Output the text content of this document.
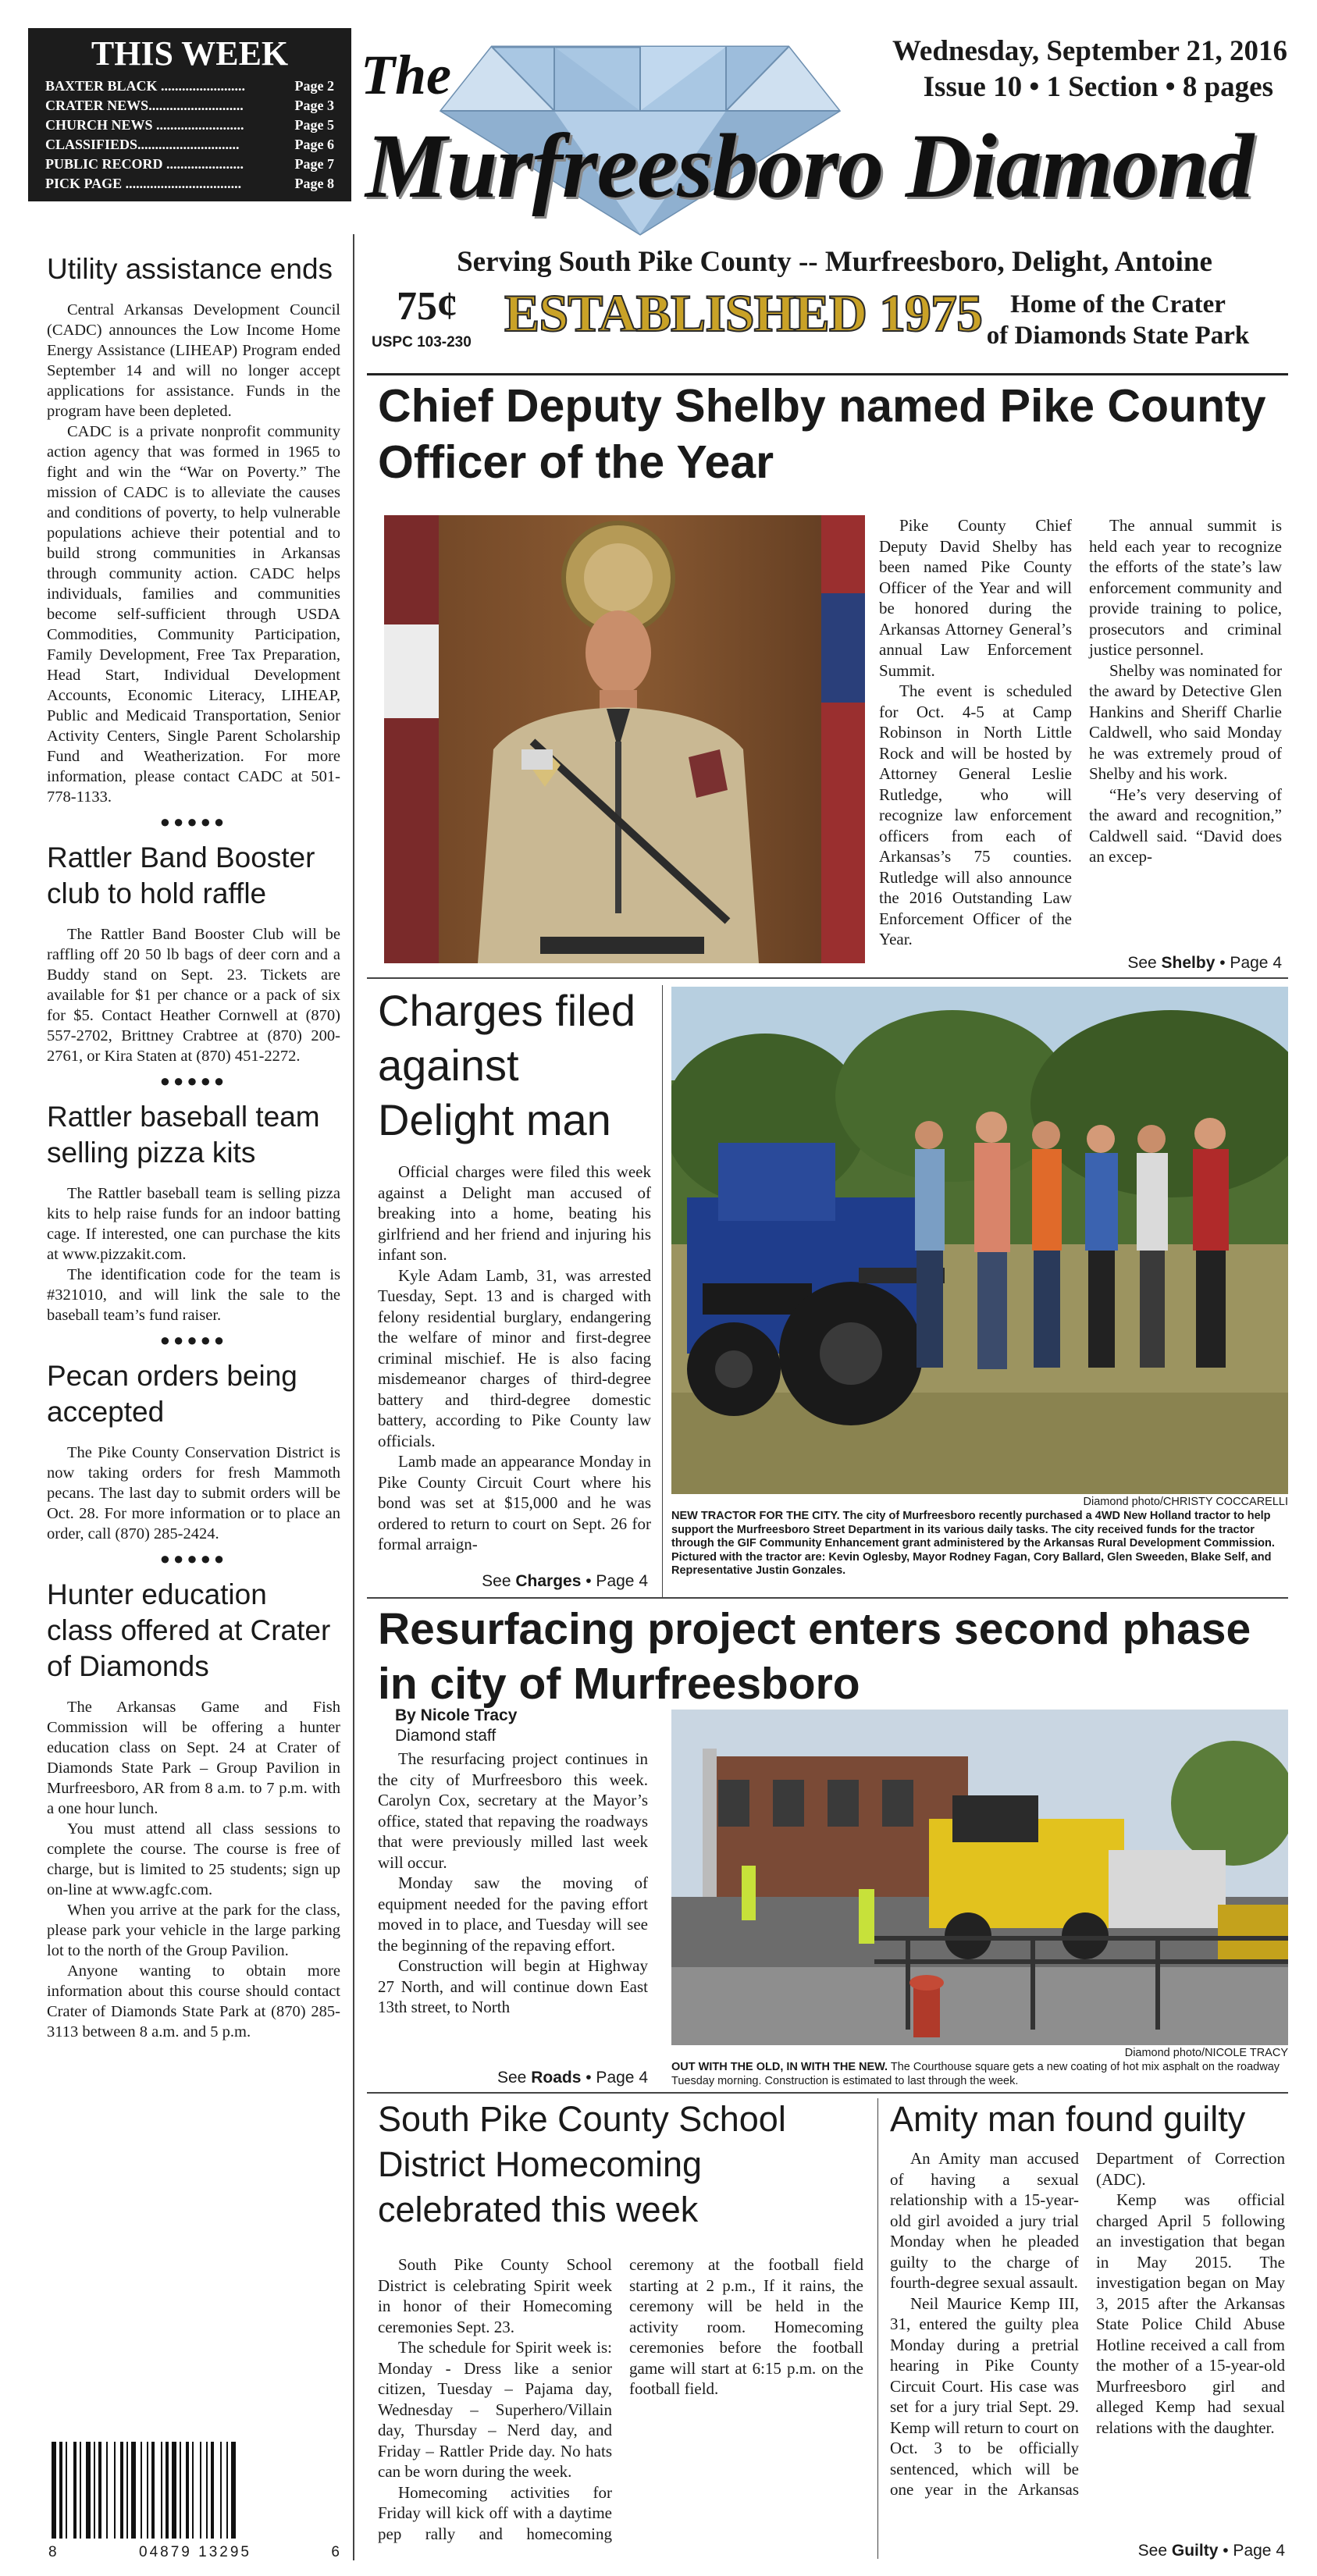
THIS WEEK
BAXTER BLACK ........................	Page 2
CRATER NEWS...........................	Page 3
CHURCH NEWS .........................	Page 5
CLASSIFIEDS.............................	Page 6
PUBLIC RECORD ......................	Page 7
PICK PAGE .................................	Page 8
The
Murfreesboro Diamond
Wednesday, September 21, 2016
Issue 10 • 1 Section • 8 pages
Serving South Pike County -- Murfreesboro, Delight, Antoine
75¢
USPC 103-230 ESTABLISHED 1975	Home of the Crater
of Diamonds State Park
Utility assistance ends

Central Arkansas Development Council (CADC) announces the Low Income Home Energy Assistance (LIHEAP) Program ended September 14 and will no longer accept applications for assistance. Funds in the program have been depleted.

CADC is a private nonprofit community action agency that was formed in 1965 to fight and win the “War on Poverty.” The mission of CADC is to alleviate the causes and conditions of poverty, to help vulnerable populations achieve their potential and to build strong communities in Arkansas through community action. CADC helps individuals, families and communities become self-sufficient through USDA Commodities, Community Participation, Family Development, Free Tax Preparation, Head Start, Individual Development Accounts, Economic Literacy, LIHEAP, Public and Medicaid Transportation, Senior Activity Centers, Single Parent Scholarship Fund and Weatherization. For more information, please contact CADC at 501-778-1133.

●●●●●
Rattler Band Booster club to hold raffle

The Rattler Band Booster Club will be raffling off 20 50 lb bags of deer corn and a Buddy stand on Sept. 23. Tickets are available for $1 per chance or a pack of six for $5. Contact Heather Cornwell at (870) 557-2702, Brittney Crabtree at (870) 200-2761, or Kira Staten at (870) 451-2272.

●●●●●
Rattler baseball team selling pizza kits

The Rattler baseball team is selling pizza kits to help raise funds for an indoor batting cage. If interested, one can purchase the kits at www.pizzakit.com.

The identification code for the team is #321010, and will link the sale to the baseball team’s fund raiser.

●●●●●
Pecan orders being accepted

The Pike County Conservation District is now taking orders for fresh Mammoth pecans. The last day to submit orders will be Oct. 28. For more information or to place an order, call (870) 285-2424.

●●●●●
Hunter education class offered at Crater of Diamonds

The Arkansas Game and Fish Commission will be offering a hunter education class on Sept. 24 at Crater of Diamonds State Park – Group Pavilion in Murfreesboro, AR from 8 a.m. to 7 p.m. with a one hour lunch.

You must attend all class sessions to complete the course. The course is free of charge, but is limited to 25 students; sign up on-line at www.agfc.com.

When you arrive at the park for the class, please park your vehicle in the large parking lot to the north of the Group Pavilion.

Anyone wanting to obtain more information about this course should contact Crater of Diamonds State Park at (870) 285-3113 between 8 a.m. and 5 p.m.

8	04879 13295	6
Chief Deputy Shelby named Pike County Officer of the Year

Pike County Chief Deputy David Shelby has been named Pike County Officer of the Year and will be honored during the Arkansas Attorney General’s annual Law Enforcement Summit.

The event is scheduled for Oct. 4-5 at Camp Robinson in North Little Rock and will be hosted by Attorney General Leslie Rutledge, who will recognize law enforcement officers from each of Arkansas’s 75 counties. Rutledge will also announce the 2016 Outstanding Law Enforcement Officer of the Year.

The annual summit is held each year to recognize the efforts of the state’s law enforcement community and provide training to police, prosecutors and criminal justice personnel.

Shelby was nominated for the award by Detective Glen Hankins and Sheriff Charlie Caldwell, who said Monday he was extremely proud of Shelby and his work.

“He’s very deserving of the award and recognition,” Caldwell said. “David does an excep-

See Shelby • Page 4
Charges filed against Delight man

Official charges were filed this week against a Delight man accused of breaking into a home, beating his girlfriend and her friend and injuring his infant son.

Kyle Adam Lamb, 31, was arrested Tuesday, Sept. 13 and is charged with felony residential burglary, endangering the welfare of minor and first-degree criminal mischief. He is also facing misdemeanor charges of third-degree battery and third-degree domestic battery, according to Pike County law officials.

Lamb made an appearance Monday in Pike County Circuit Court where his bond was set at $15,000 and he was ordered to return to court on Sept. 26 for formal arraign-

See Charges • Page 4
Diamond photo/CHRISTY COCCARELLI
NEW TRACTOR FOR THE CITY. The city of Murfreesboro recently purchased a 4WD New Holland tractor to help support the Murfreesboro Street Department in its various daily tasks. The city received funds for the tractor through the GIF Community Enhancement grant administered by the Arkansas Rural Development Commission. Pictured with the tractor are: Kevin Oglesby, Mayor Rodney Fagan, Cory Ballard, Glen Sweeden, Blake Self, and Representative Justin Gonzales.
Resurfacing project enters second phase in city of Murfreesboro
By Nicole Tracy
Diamond staff

The resurfacing project continues in the city of Murfreesboro this week. Carolyn Cox, secretary at the Mayor’s office, stated that repaving the roadways that were previously milled last week will occur.

Monday saw the moving of equipment needed for the paving effort moved in to place, and Tuesday will see the beginning of the repaving effort.

Construction will begin at Highway 27 North, and will continue down East 13th street, to North

See Roads • Page 4
Diamond photo/NICOLE TRACY
OUT WITH THE OLD, IN WITH THE NEW. The Courthouse square gets a new coating of hot mix asphalt on the roadway Tuesday morning. Construction is estimated to last through the week.
South Pike County School District Homecoming celebrated this week

South Pike County School District is celebrating Spirit week in honor of their Homecoming ceremonies Sept. 23.

The schedule for Spirit week is: Monday - Dress like a senior citizen, Tuesday – Pajama day, Wednesday – Superhero/Villain day, Thursday – Nerd day, and Friday – Rattler Pride day. No hats can be worn during the week.

Homecoming activities for Friday will kick off with a daytime pep rally and homecoming ceremony at the football field starting at 2 p.m., If it rains, the ceremony will be held in the activity room. Homecoming ceremonies before the football game will start at 6:15 p.m. on the football field.

Amity man found guilty

An Amity man accused of having a sexual relationship with a 15-year-old girl avoided a jury trial Monday when he pleaded guilty to the charge of fourth-degree sexual assault.

Neil Maurice Kemp III, 31, entered the guilty plea Monday during a pretrial hearing in Pike County Circuit Court. His case was set for a jury trial Sept. 29. Kemp will return to court on Oct. 3 to be officially sentenced, which will be one year in the Arkansas Department of Correction (ADC).

Kemp was official charged April 5 following an investigation that began in May 2015. The investigation began on May 3, 2015 after the Arkansas State Police Child Abuse Hotline received a call from the mother of a 15-year-old Murfreesboro girl and alleged Kemp had sexual relations with the daughter.

See Guilty • Page 4
